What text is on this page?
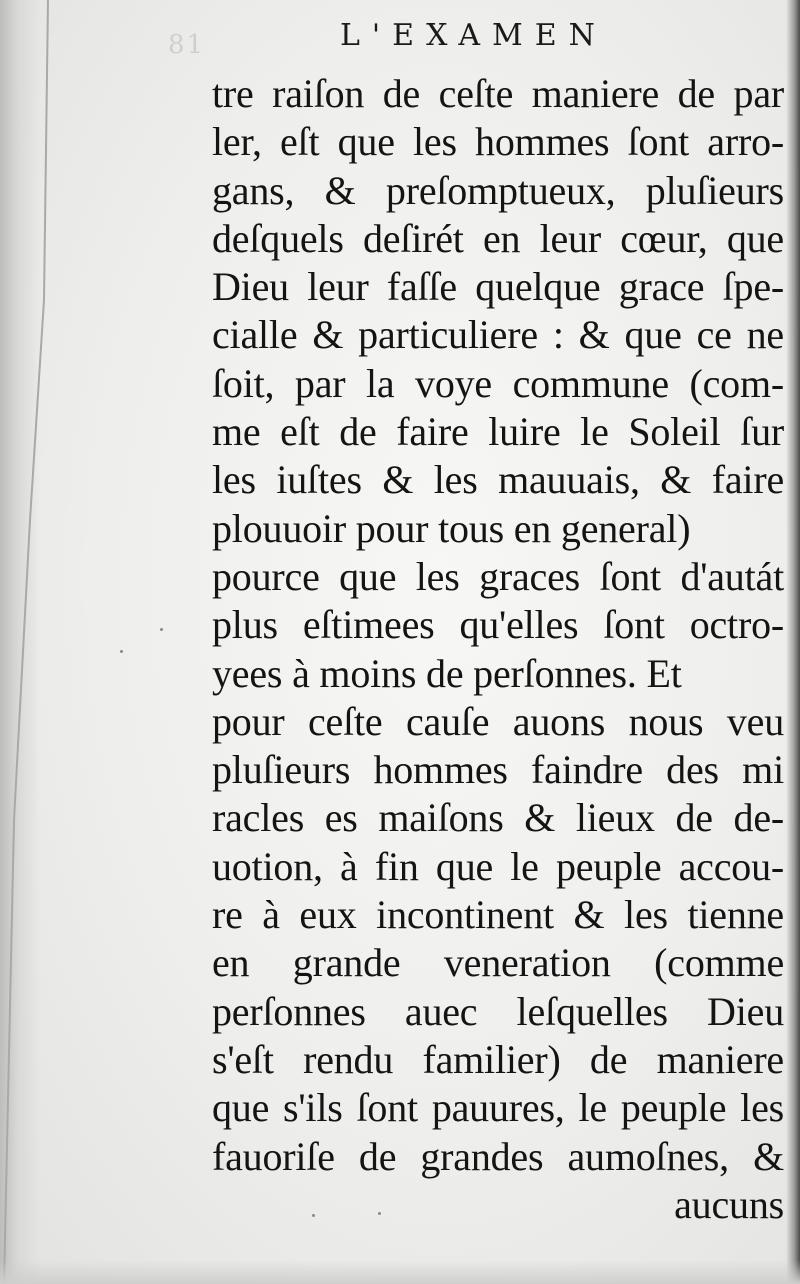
81	L'EXAMEN
tre raiſon de ceſte maniere de par
ler, eſt que les hommes ſont arro-
gans, & preſomptueux, pluſieurs
deſquels deſirét en leur cœur, que
Dieu leur faſſe quelque grace ſpe-
cialle & particuliere : & que ce ne
ſoit, par la voye commune (com-
me eſt de faire luire le Soleil ſur
les iuſtes & les mauuais, & faire
plouuoir pour tous en general)
pource que les graces ſont d'autát
plus eſtimees qu'elles ſont octro-
yees à moins de perſonnes. Et
pour ceſte cauſe auons nous veu
pluſieurs hommes faindre des mi
racles es maiſons & lieux de de-
uotion, à fin que le peuple accou-
re à eux incontinent & les tienne
en grande veneration (comme
perſonnes auec leſquelles Dieu
s'eſt rendu familier) de maniere
que s'ils ſont pauures, le peuple les
fauoriſe de grandes aumoſnes, &
aucuns
